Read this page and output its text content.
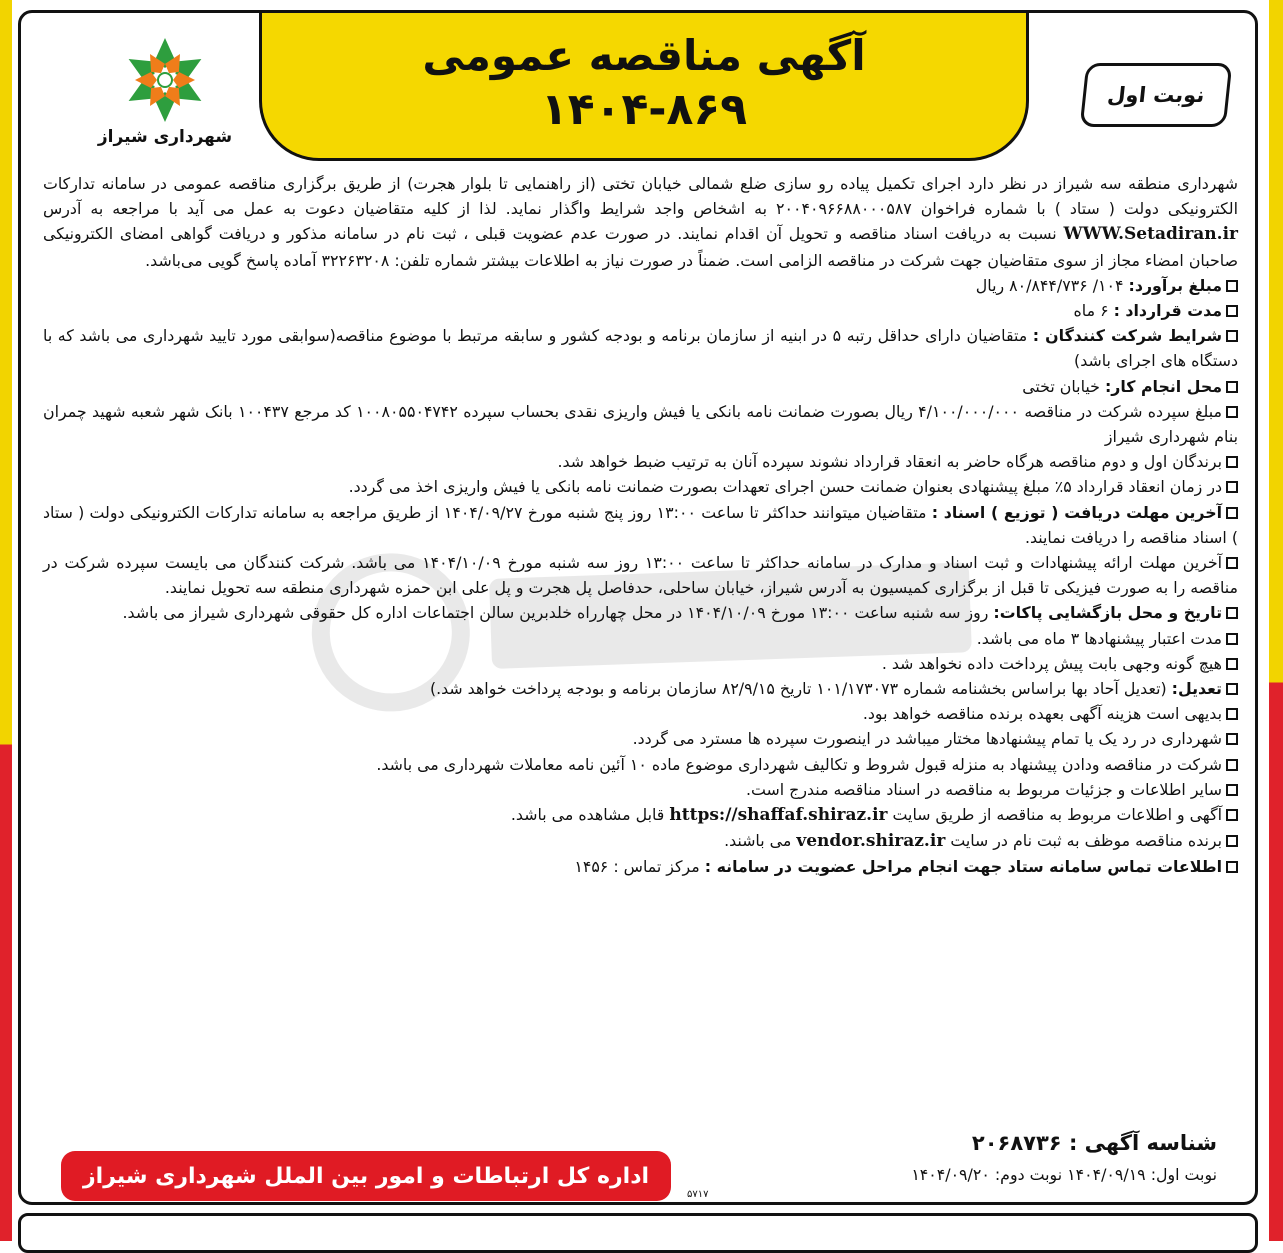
آگهی مناقصه عمومی
۱۴۰۴-۸۶۹
شهرداری شیراز
نوبت اول

شهرداری منطقه سه شیراز در نظر دارد اجرای تکمیل پیاده رو سازی ضلع شمالی خیابان تختی (از راهنمایی تا بلوار هجرت) از طریق برگزاری مناقصه عمومی در سامانه تدارکات الکترونیکی دولت ( ستاد ) با شماره فراخوان ۲۰۰۴۰۹۶۶۸۸۰۰۰۵۸۷ به اشخاص واجد شرایط واگذار نماید. لذا از کلیه متقاضیان دعوت به عمل می آید با مراجعه به آدرس WWW.Setadiran.ir نسبت به دریافت اسناد مناقصه و تحویل آن اقدام نمایند. در صورت عدم عضویت قبلی ، ثبت نام در سامانه مذکور و دریافت گواهی امضای الکترونیکی صاحبان امضاء مجاز از سوی متقاضیان جهت شرکت در مناقصه الزامی است. ضمناً در صورت نیاز به اطلاعات بیشتر شماره تلفن: ۳۲۲۶۳۲۰۸ آماده پاسخ گویی می‌باشد.

مبلغ برآورد: ۱۰۴/ ۸۰/۸۴۴/۷۳۶ ریال
مدت قرارداد : ۶ ماه
شرایط شرکت کنندگان : متقاضیان دارای حداقل رتبه ۵ در ابنیه از سازمان برنامه و بودجه کشور و سابقه مرتبط با موضوع مناقصه(سوابقی مورد تایید شهرداری می باشد که با دستگاه های اجرای باشد)
محل انجام کار: خیابان تختی
مبلغ سپرده شرکت در مناقصه ۴/۱۰۰/۰۰۰/۰۰۰ ریال بصورت ضمانت نامه بانکی یا فیش واریزی نقدی بحساب سپرده ۱۰۰۸۰۵۵۰۴۷۴۲ کد مرجع ۱۰۰۴۳۷ بانک شهر شعبه شهید چمران بنام شهرداری شیراز
برندگان اول و دوم مناقصه هرگاه حاضر به انعقاد قرارداد نشوند سپرده آنان به ترتیب ضبط خواهد شد.
در زمان انعقاد قرارداد ۵٪ مبلغ پیشنهادی بعنوان ضمانت حسن اجرای تعهدات بصورت ضمانت نامه بانکی یا فیش واریزی اخذ می گردد.
آخرین مهلت دریافت ( توزیع ) اسناد : متقاضیان میتوانند حداکثر تا ساعت ۱۳:۰۰ روز پنج شنبه مورخ ۱۴۰۴/۰۹/۲۷ از طریق مراجعه به سامانه تدارکات الکترونیکی دولت ( ستاد ) اسناد مناقصه را دریافت نمایند.
آخرین مهلت ارائه پیشنهادات و ثبت اسناد و مدارک در سامانه حداکثر تا ساعت ۱۳:۰۰ روز سه شنبه مورخ ۱۴۰۴/۱۰/۰۹ می باشد. شرکت کنندگان می بایست سپرده شرکت در مناقصه را به صورت فیزیکی تا قبل از برگزاری کمیسیون به آدرس شیراز، خیابان ساحلی، حدفاصل پل هجرت و پل علی ابن حمزه شهرداری منطقه سه تحویل نمایند.
تاریخ و محل بازگشایی پاکات: روز سه شنبه ساعت ۱۳:۰۰ مورخ ۱۴۰۴/۱۰/۰۹ در محل چهارراه خلدبرین سالن اجتماعات اداره کل حقوقی شهرداری شیراز می باشد.
مدت اعتبار پیشنهادها ۳ ماه می باشد.
هیچ گونه وجهی بابت پیش پرداخت داده نخواهد شد .
تعدیل: (تعدیل آحاد بها براساس بخشنامه شماره ۱۰۱/۱۷۳۰۷۳ تاریخ ۸۲/۹/۱۵ سازمان برنامه و بودجه پرداخت خواهد شد.)
بدیهی است هزینه آگهی بعهده برنده مناقصه خواهد بود.
شهرداری در رد یک یا تمام پیشنهادها مختار میباشد در اینصورت سپرده ها مسترد می گردد.
شرکت در مناقصه ودادن پیشنهاد به منزله قبول شروط و تکالیف شهرداری موضوع ماده ۱۰ آئین نامه معاملات شهرداری می باشد.
سایر اطلاعات و جزئیات مربوط به مناقصه در اسناد مناقصه مندرج است.
آگهی و اطلاعات مربوط به مناقصه از طریق سایت https://shaffaf.shiraz.ir قابل مشاهده می باشد.
برنده مناقصه موظف به ثبت نام در سایت vendor.shiraz.ir می باشند.
اطلاعات تماس سامانه ستاد جهت انجام مراحل عضویت در سامانه : مرکز تماس : ۱۴۵۶
شناسه آگهی : ۲۰۶۸۷۳۶
نوبت اول: ۱۴۰۴/۰۹/۱۹ نوبت دوم: ۱۴۰۴/۰۹/۲۰
اداره کل ارتباطات و امور بین الملل شهرداری شیراز
۵۷۱۷
